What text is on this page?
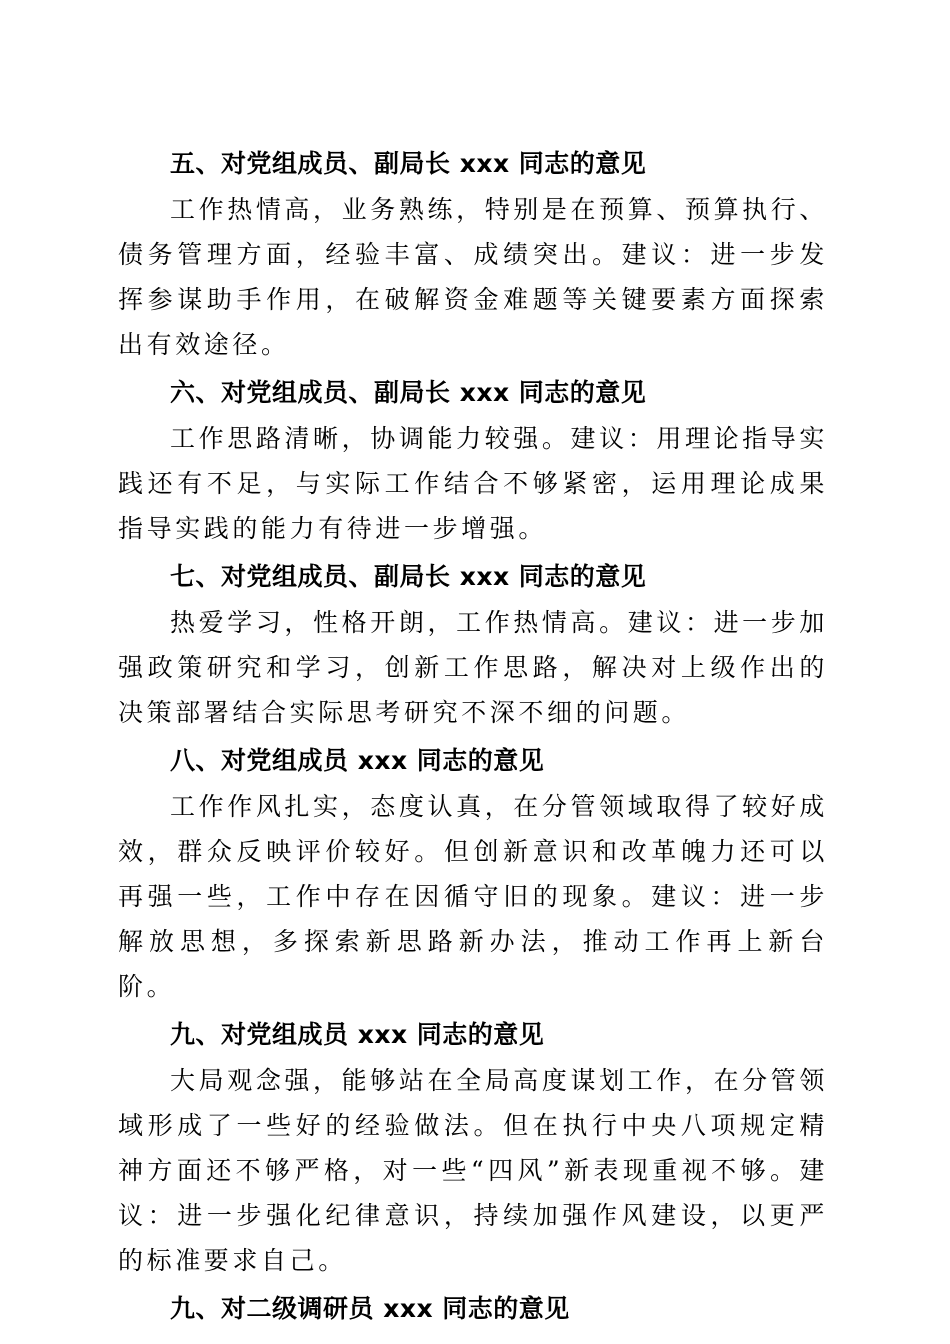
五、对党组成员、副局长 xxx 同志的意见

工作热情高，业务熟练，特别是在预算、预算执行、债务管理方面，经验丰富、成绩突出。建议：进一步发挥参谋助手作用，在破解资金难题等关键要素方面探索出有效途径。

六、对党组成员、副局长 xxx 同志的意见

工作思路清晰，协调能力较强。建议：用理论指导实践还有不足，与实际工作结合不够紧密，运用理论成果指导实践的能力有待进一步增强。

七、对党组成员、副局长 xxx 同志的意见

热爱学习，性格开朗，工作热情高。建议：进一步加强政策研究和学习，创新工作思路，解决对上级作出的决策部署结合实际思考研究不深不细的问题。

八、对党组成员 xxx 同志的意见

工作作风扎实，态度认真，在分管领域取得了较好成效，群众反映评价较好。但创新意识和改革魄力还可以再强一些，工作中存在因循守旧的现象。建议：进一步解放思想，多探索新思路新办法，推动工作再上新台阶。

九、对党组成员 xxx 同志的意见

大局观念强，能够站在全局高度谋划工作，在分管领域形成了一些好的经验做法。但在执行中央八项规定精神方面还不够严格，对一些“四风”新表现重视不够。建议：进一步强化纪律意识，持续加强作风建设，以更严的标准要求自己。

九、对二级调研员 xxx 同志的意见
